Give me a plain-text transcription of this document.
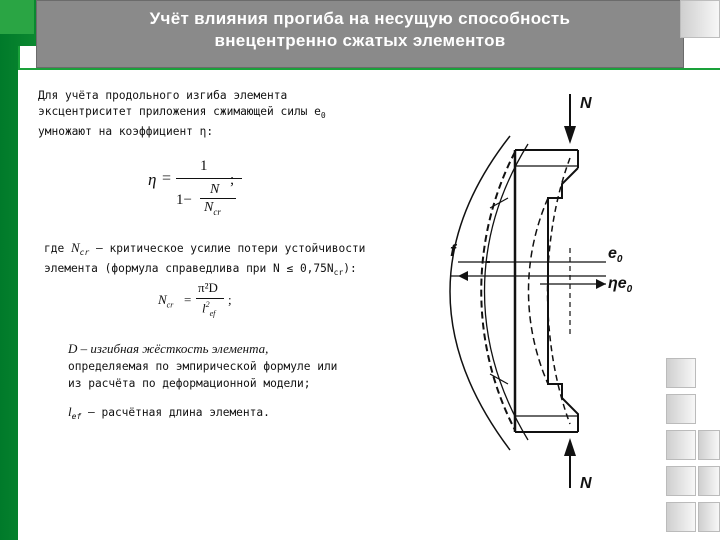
Учёт влияния прогиба на несущую способность
внецентренно сжатых элементов
Для учёта продольного изгиба элемента
эксцентриситет приложения сжимающей силы $e_0$
умножают на коэффициент η:
η =
1
1−
N
$N_{cr}$
;
где $N_{cr}$ – критическое усилие потери устойчивости
элемента (формула справедлива при $N \le 0,75N_{cr}$):
$N_{cr}$ =
π²D
$l^2_{ef}$
;
D – изгибная жёсткость элемента,
определяемая по эмпирической формуле или
из расчёта по деформационной модели;
$l_{ef}$ – расчётная длина элемента.
N
N
f	$e_0$
$\eta e_0$
